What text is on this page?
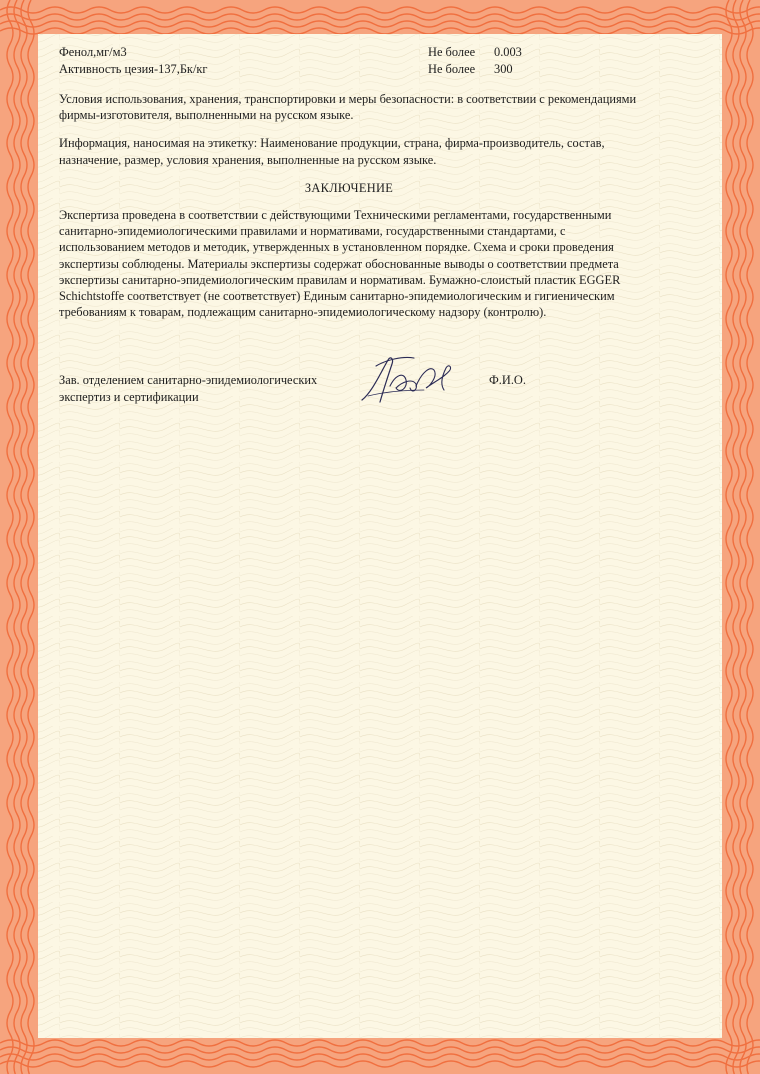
Фенол,мг/м3	Не более 0.003
Активность цезия-137,Бк/кг	Не более 300

Условия использования, хранения, транспортировки и меры безопасности: в соответствии с рекомендациями фирмы-изготовителя, выполненными на русском языке.

Информация, наносимая на этикетку: Наименование продукции, страна, фирма-производитель, состав, назначение, размер, условия хранения, выполненные на русском языке.

ЗАКЛЮЧЕНИЕ

Экспертиза проведена в соответствии с действующими Техническими регламентами, государственными санитарно-эпидемиологическими правилами и нормативами, государственными стандартами, с использованием методов и методик, утвержденных в установленном порядке. Схема и сроки проведения экспертизы соблюдены. Материалы экспертизы содержат обоснованные выводы о соответствии предмета экспертизы санитарно-эпидемиологическим правилам и нормативам. Бумажно-слоистый пластик EGGER Schichtstoffe соответствует (не соответствует) Единым санитарно-эпидемиологическим и гигиеническим требованиям к товарам, подлежащим санитарно-эпидемиологическому надзору (контролю).

Зав. отделением санитарно-эпидемиологических экспертиз и сертификации
Ф.И.О.
